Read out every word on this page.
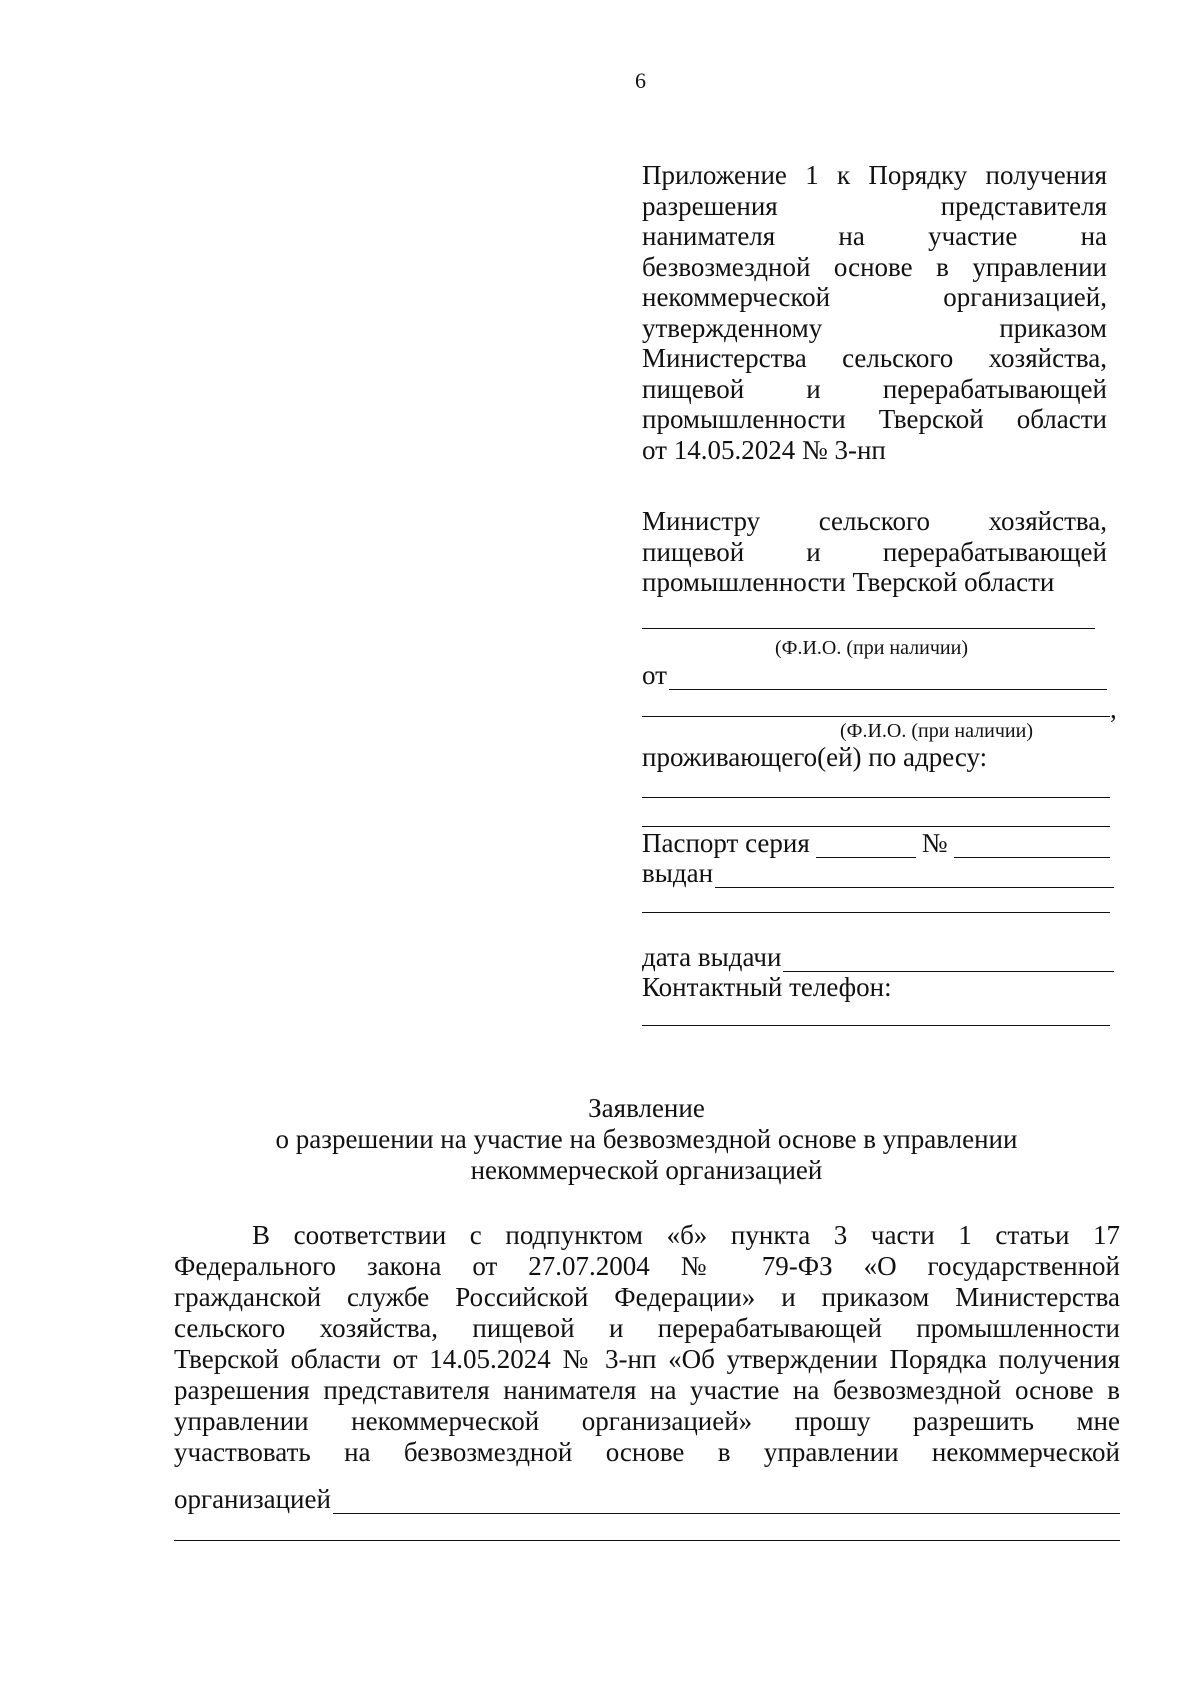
6
Приложение 1 к Порядку получения
разрешения представителя
нанимателя на участие на
безвозмездной основе в управлении
некоммерческой организацией,
утвержденному приказом
Министерства сельского хозяйства,
пищевой и перерабатывающей
промышленности Тверской области
от 14.05.2024 № 3-нп
Министру сельского хозяйства,
пищевой и перерабатывающей
промышленности Тверской области
(Ф.И.О. (при наличии)
от
,
(Ф.И.О. (при наличии)
проживающего(ей) по адресу:
Паспорт серия	№
выдан
дата выдачи
Контактный телефон:
Заявление
о разрешении на участие на безвозмездной основе в управлении
некоммерческой организацией
В соответствии с подпунктом «б» пункта 3 части 1 статьи 17
Федерального закона от 27.07.2004 № 79-ФЗ «О государственной
гражданской службе Российской Федерации» и приказом Министерства
сельского хозяйства, пищевой и перерабатывающей промышленности
Тверской области от 14.05.2024 № 3-нп «Об утверждении Порядка получения
разрешения представителя нанимателя на участие на безвозмездной основе в
управлении некоммерческой организацией» прошу разрешить мне
участвовать на безвозмездной основе в управлении некоммерческой
организацией
